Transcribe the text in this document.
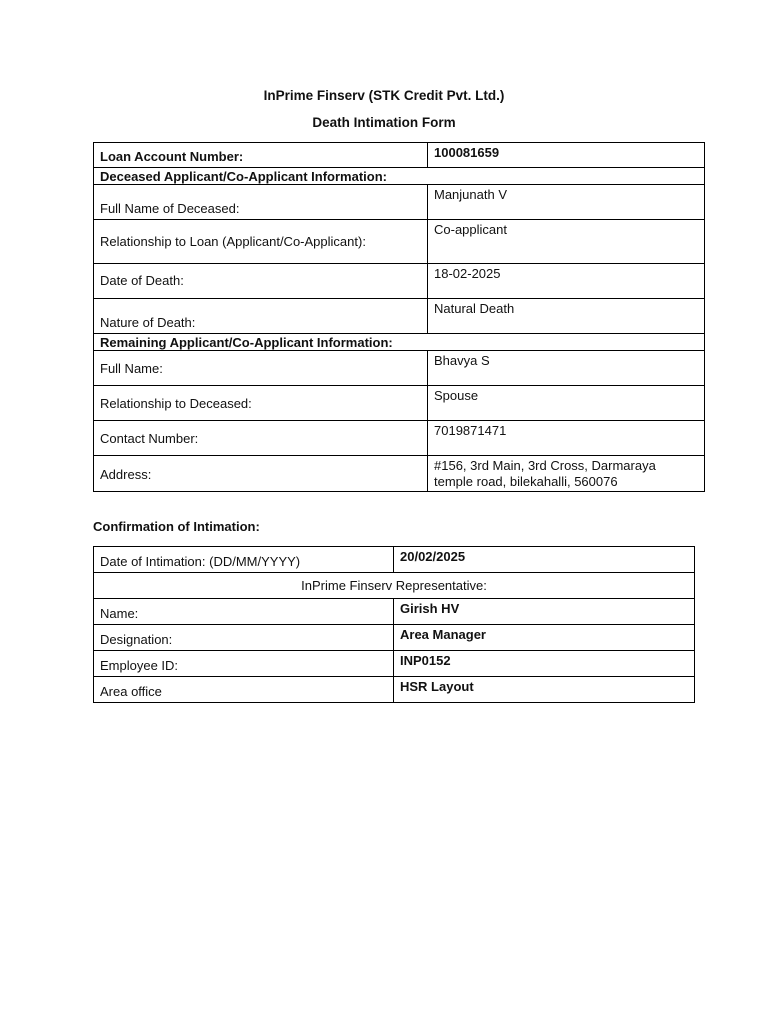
InPrime Finserv (STK Credit Pvt. Ltd.)
Death Intimation Form
Loan Account Number:	100081659
Deceased Applicant/Co-Applicant Information:	
Full Name of Deceased:	Manjunath V
Relationship to Loan (Applicant/Co-Applicant):	Co-applicant
Date of Death:	18-02-2025
Nature of Death:	Natural Death
Remaining Applicant/Co-Applicant Information:	
Full Name:	Bhavya S
Relationship to Deceased:	Spouse
Contact Number:	7019871471
Address:	#156, 3rd Main, 3rd Cross, Darmaraya
temple road, bilekahalli, 560076
Confirmation of Intimation:
Date of Intimation: (DD/MM/YYYY)	20/02/2025
InPrime Finserv Representative:	
Name:	Girish HV
Designation:	Area Manager
Employee ID:	INP0152
Area office	HSR Layout
